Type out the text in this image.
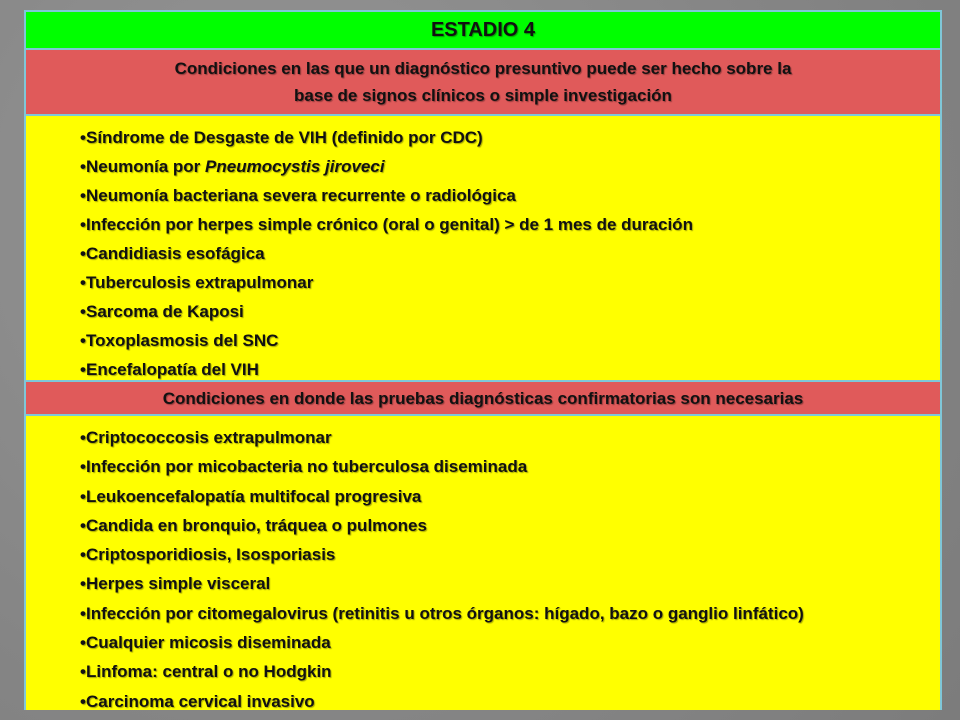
ESTADIO 4
Condiciones en las que un diagnóstico presuntivo puede ser hecho sobre la
base de signos clínicos o simple investigación
•Síndrome de Desgaste de VIH (definido por CDC)
•Neumonía por Pneumocystis jiroveci
•Neumonía bacteriana severa recurrente o radiológica
•Infección por herpes simple crónico (oral o genital) > de 1 mes de duración
•Candidiasis esofágica
•Tuberculosis extrapulmonar
•Sarcoma de Kaposi
•Toxoplasmosis del SNC
•Encefalopatía del VIH
Condiciones en donde las pruebas diagnósticas confirmatorias son necesarias
•Criptococcosis extrapulmonar
•Infección por micobacteria no tuberculosa diseminada
•Leukoencefalopatía multifocal progresiva
•Candida en bronquio, tráquea o pulmones
•Criptosporidiosis, Isosporiasis
•Herpes simple visceral
•Infección por citomegalovirus (retinitis u otros órganos: hígado, bazo o ganglio linfático)
•Cualquier micosis diseminada
•Linfoma: central o no Hodgkin
•Carcinoma cervical invasivo
